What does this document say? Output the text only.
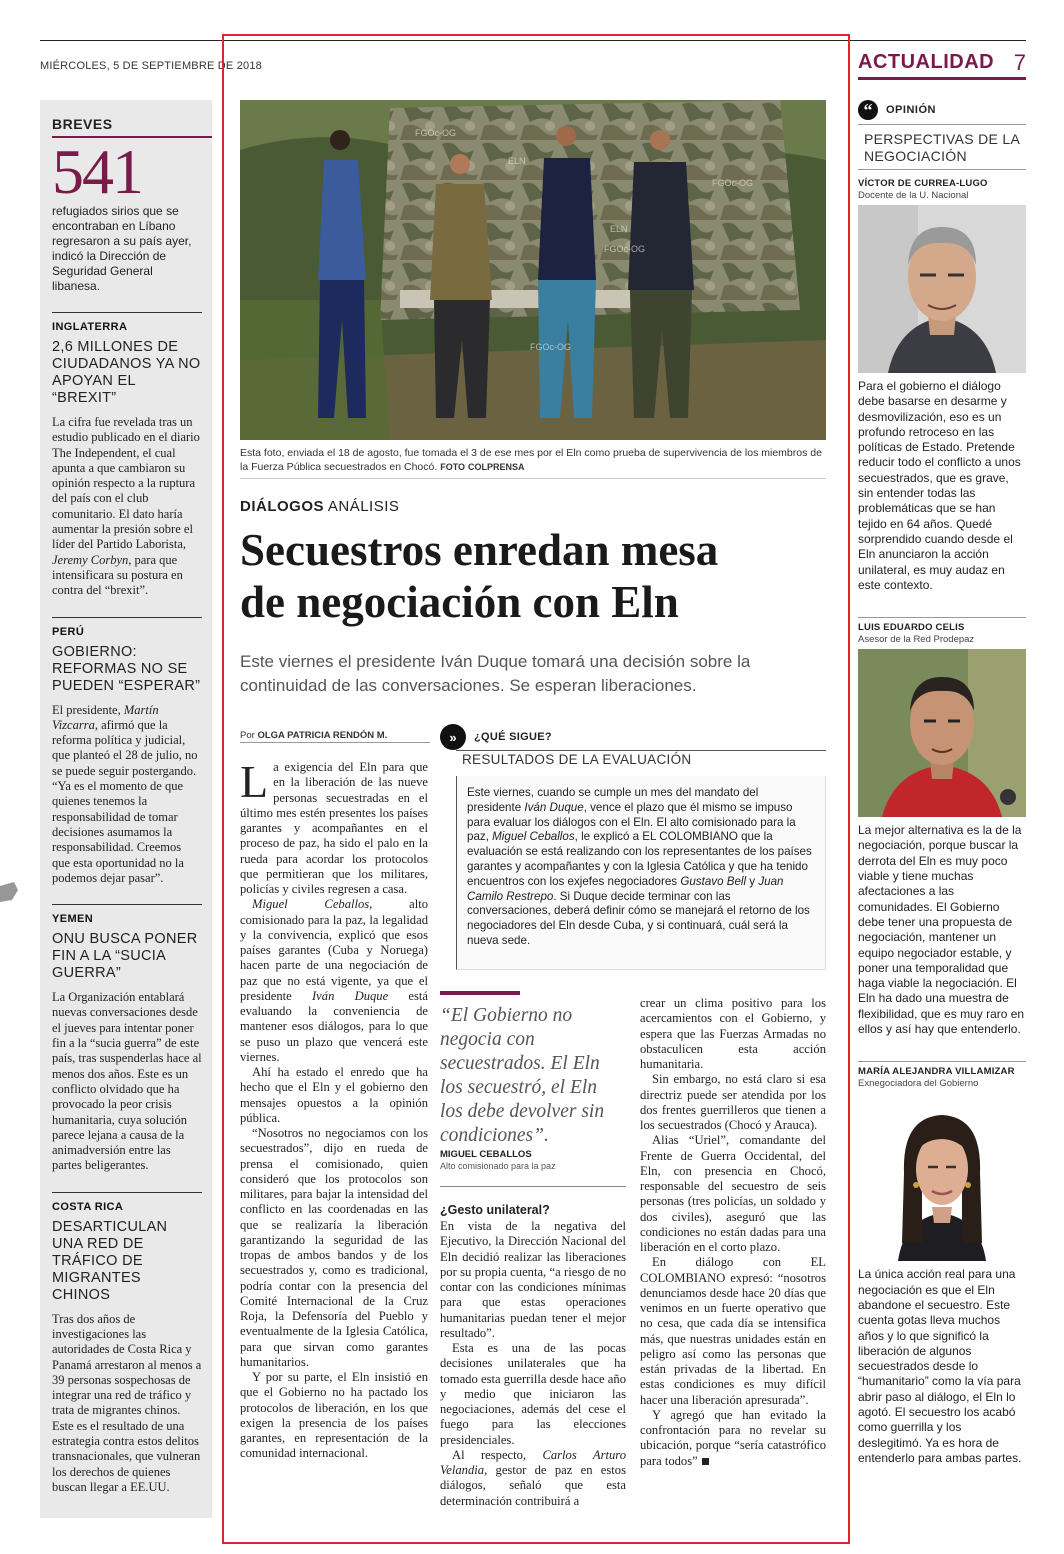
MIÉRCOLES, 5 DE SEPTIEMBRE DE 2018	ACTUALIDAD 7
BREVES
541
refugiados sirios que se encontraban en Líbano regresaron a su país ayer, indicó la Dirección de Seguridad General libanesa.
INGLATERRA
2,6 MILLONES DE CIUDADANOS YA NO APOYAN EL “BREXIT”
La cifra fue revelada tras un estudio publicado en el diario The Independent, el cual apunta a que cambiaron su opinión respecto a la ruptura del país con el club comunitario. El dato haría aumentar la presión sobre el líder del Partido Laborista, Jeremy Corbyn, para que intensificara su postura en contra del “brexit”.
PERÚ
GOBIERNO: REFORMAS NO SE PUEDEN “ESPERAR”
El presidente, Martín Vizcarra, afirmó que la reforma política y judicial, que planteó el 28 de julio, no se puede seguir postergando. “Ya es el momento de que quienes tenemos la responsabilidad de tomar decisiones asumamos la responsabilidad. Creemos que esta oportunidad no la podemos dejar pasar”.
YEMEN
ONU BUSCA PONER FIN A LA “SUCIA GUERRA”
La Organización entablará nuevas conversaciones desde el jueves para intentar poner fin a la “sucia guerra” de este país, tras suspenderlas hace al menos dos años. Este es un conflicto olvidado que ha provocado la peor crisis humanitaria, cuya solución parece lejana a causa de la animadversión entre las partes beligerantes.
COSTA RICA
DESARTICULAN UNA RED DE TRÁFICO DE MIGRANTES CHINOS
Tras dos años de investigaciones las autoridades de Costa Rica y Panamá arrestaron al menos a 39 personas sospechosas de integrar una red de tráfico y trata de migrantes chinos. Este es el resultado de una estrategia contra estos delitos transnacionales, que vulneran los derechos de quienes buscan llegar a EE.UU.
FGOc-OG
ELN
FGOc-OG
ELN
FGOc-OG
FGOc-OG
Esta foto, enviada el 18 de agosto, fue tomada el 3 de ese mes por el Eln como prueba de supervivencia de los miembros de la Fuerza Pública secuestrados en Chocó. FOTO COLPRENSA
DIÁLOGOS ANÁLISIS
Secuestros enredan mesa
de negociación con Eln
Este viernes el presidente Iván Duque tomará una decisión sobre la continuidad de las conversaciones. Se esperan liberaciones.
Por OLGA PATRICIA RENDÓN M.

La exigencia del Eln para que en la liberación de las nueve personas secuestradas en el último mes estén presentes los países garantes y acompañantes en el proceso de paz, ha sido el palo en la rueda para acordar los protocolos que permitieran que los militares, policías y civiles regresen a casa.

Miguel Ceballos, alto comisionado para la paz, la legalidad y la convivencia, explicó que esos países garantes (Cuba y Noruega) hacen parte de una negociación de paz que no está vigente, ya que el presidente Iván Duque está evaluando la conveniencia de mantener esos diálogos, para lo que se puso un plazo que vencerá este viernes.

Ahí ha estado el enredo que ha hecho que el Eln y el gobierno den mensajes opuestos a la opinión pública.

“Nosotros no negociamos con los secuestrados”, dijo en rueda de prensa el comisionado, quien consideró que los protocolos son militares, para bajar la intensidad del conflicto en las coordenadas en las que se realizaría la liberación garantizando la seguridad de las tropas de ambos bandos y de los secuestrados y, como es tradicional, podría contar con la presencia del Comité Internacional de la Cruz Roja, la Defensoría del Pueblo y eventualmente de la Iglesia Católica, para que sirvan como garantes humanitarios.

Y por su parte, el Eln insistió en que el Gobierno no ha pactado los protocolos de liberación, en los que exigen la presencia de los países garantes, en representación de la comunidad internacional.

»	¿QUÉ SIGUE?
RESULTADOS DE LA EVALUACIÓN
Este viernes, cuando se cumple un mes del mandato del presidente Iván Duque, vence el plazo que él mismo se impuso para evaluar los diálogos con el Eln. El alto comisionado para la paz, Miguel Ceballos, le explicó a EL COLOMBIANO que la evaluación se está realizando con los representantes de los países garantes y acompañantes y con la Iglesia Católica y que ha tenido encuentros con los exjefes negociadores Gustavo Bell y Juan Camilo Restrepo. Si Duque decide terminar con las conversaciones, deberá definir cómo se manejará el retorno de los negociadores del Eln desde Cuba, y si continuará, cuál será la nueva sede.
“El Gobierno no negocia con secuestrados. El Eln los secuestró, el Eln los debe devolver sin condiciones”.
MIGUEL CEBALLOS
Alto comisionado para la paz
¿Gesto unilateral?

En vista de la negativa del Ejecutivo, la Dirección Nacional del Eln decidió realizar las liberaciones por su propia cuenta, “a riesgo de no contar con las condiciones mínimas para que estas operaciones humanitarias puedan tener el mejor resultado”.

Esta es una de las pocas decisiones unilaterales que ha tomado esta guerrilla desde hace año y medio que iniciaron las negociaciones, además del cese el fuego para las elecciones presidenciales.

Al respecto, Carlos Arturo Velandia, gestor de paz en estos diálogos, señaló que esta determinación contribuirá a

crear un clima positivo para los acercamientos con el Gobierno, y espera que las Fuerzas Armadas no obstaculicen esta acción humanitaria.

Sin embargo, no está claro si esa directriz puede ser atendida por los dos frentes guerrilleros que tienen a los secuestrados (Chocó y Arauca).

Alias “Uriel”, comandante del Frente de Guerra Occidental, del Eln, con presencia en Chocó, responsable del secuestro de seis personas (tres policías, un soldado y dos civiles), aseguró que las condiciones no están dadas para una liberación en el corto plazo.

En diálogo con EL COLOMBIANO expresó: “nosotros denunciamos desde hace 20 días que venimos en un fuerte operativo que no cesa, que cada día se intensifica más, que nuestras unidades están en peligro así como las personas que están privadas de la libertad. En estas condiciones es muy difícil hacer una liberación apresurada”.

Y agregó que han evitado la confrontación para no revelar su ubicación, porque “sería catastrófico para todos”

“	OPINIÓN
PERSPECTIVAS DE LA NEGOCIACIÓN
VÍCTOR DE CURREA-LUGO
Docente de la U. Nacional
Para el gobierno el diálogo debe basarse en desarme y desmovilización, eso es un profundo retroceso en las políticas de Estado. Pretende reducir todo el conflicto a unos secuestrados, que es grave, sin entender todas las problemáticas que se han tejido en 64 años. Quedé sorprendido cuando desde el Eln anunciaron la acción unilateral, es muy audaz en este contexto.
LUIS EDUARDO CELIS
Asesor de la Red Prodepaz
La mejor alternativa es la de la negociación, porque buscar la derrota del Eln es muy poco viable y tiene muchas afectaciones a las comunidades. El Gobierno debe tener una propuesta de negociación, mantener un equipo negociador estable, y poner una temporalidad que haga viable la negociación. El Eln ha dado una muestra de flexibilidad, que es muy raro en ellos y así hay que entenderlo.
MARÍA ALEJANDRA VILLAMIZAR
Exnegociadora del Gobierno
La única acción real para una negociación es que el Eln abandone el secuestro. Este cuenta gotas lleva muchos años y lo que significó la liberación de algunos secuestrados desde lo “humanitario” como la vía para abrir paso al diálogo, el Eln lo agotó. El secuestro los acabó como guerrilla y los deslegitimó. Ya es hora de entenderlo para ambas partes.
